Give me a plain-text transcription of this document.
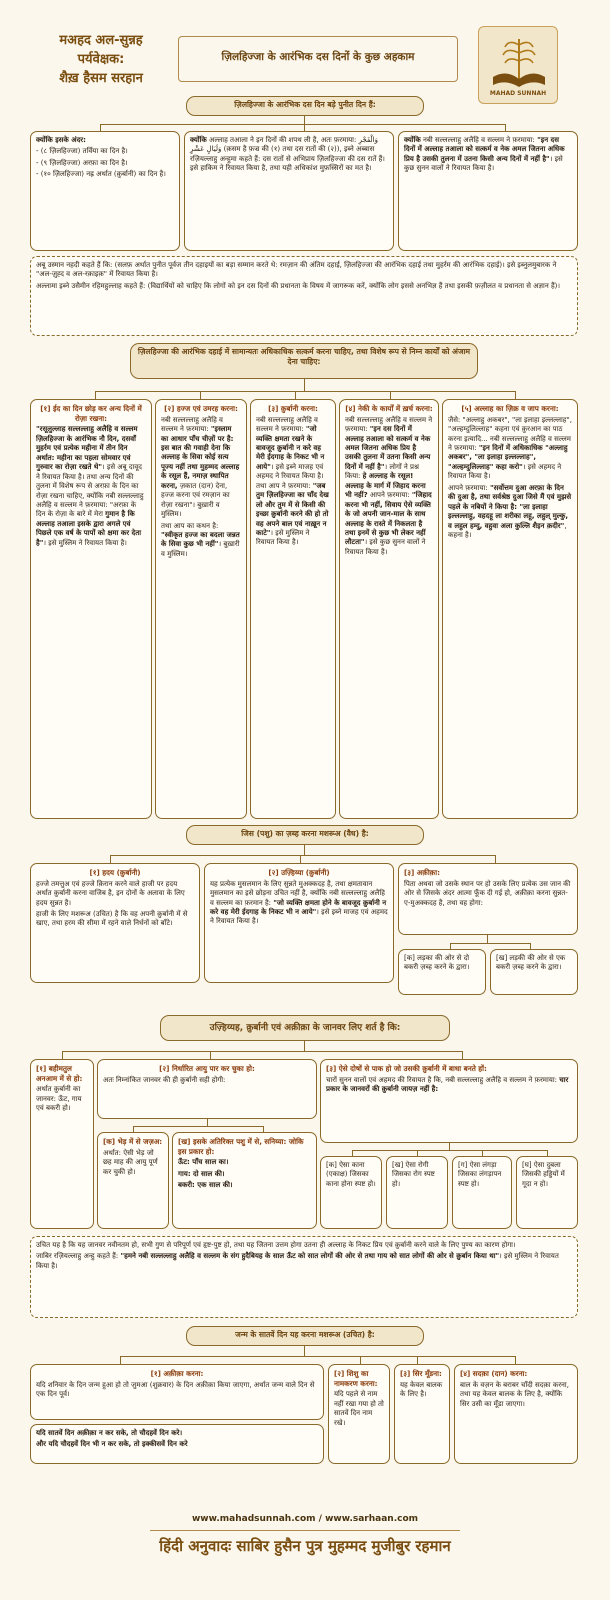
मअहद अल-सुन्नह
पर्यवेक्षक:
शैख़ हैसम सरहान
ज़िलहिज्जा के आरंभिक दस दिनों के कुछ अहकाम
MAHAD SUNNAH
ज़िलहिज्जा के आरंभिक दस दिन बड़े पुनीत दिन हैं:

क्योंकि इसके अंदर:

- (८ ज़िलहिज्जा) तर्विया का दिन है।

- (९ ज़िलहिज्जा) अरफ़ा का दिन है।

- (१० ज़िलहिज्जा) नह्र अर्थात (क़ुर्बानी) का दिन है।

क्योंकि अल्लाह तआला ने इन दिनों की शपथ ली है, अतः फ़रमाया: وَالْفَجْرِ وَلَيَالٍ عَشْرٍ (क़सम है फ़ज्र की (१) तथा दस रातों की (२)), इब्ने अब्बास रज़ियल्लाहु अन्हुमा कहते हैं: दस रातों से अभिप्राय ज़िलहिज्जा की दस रातें हैं। इसे हाकिम ने रिवायत किया है, तथा यही अधिकांश मुफ़स्सिरों का मत है।

क्योंकि नबी सल्लल्लाहु अलैहि व सल्लम ने फ़रमाया: "इन दस दिनों में अल्लाह तआला को सत्कर्म व नेक अमल जितना अधिक प्रिय है उसकी तुलना में उतना किसी अन्य दिनों में नहीं है"। इसे कुछ सुनन वालों ने रिवायत किया है।

अबू उस्मान नहदी कहते हैं कि: (सलफ़ अर्थात पुनीत पूर्वज तीन दहाइयों का बड़ा सम्मान करते थे: रमज़ान की अंतिम दहाई, ज़िलहिज्जा की आरंभिक दहाई तथा मुहर्रम की आरंभिक दहाई)। इसे इब्नुलमुबारक ने "अल-ज़ुह्द व अल-रक़ाइक़" में रिवायत किया है।

अल्लामा इब्ने उसैमीन रहिमहुल्लाह कहते हैं: (विद्यार्थियों को चाहिए कि लोगों को इन दस दिनों की प्रधानता के विषय में जागरूक करें, क्योंकि लोग इससे अनभिज्ञ हैं तथा इसकी फ़ज़ीलत व प्रधानता से अज्ञान हैं)।

ज़िलहिज्जा की आरंभिक दहाई में सामान्यतः अधिकाधिक सत्कर्म करना चाहिए, तथा विशेष रूप से निम्न कार्यों को अंजाम देना चाहिए:

[१] ईद का दिन छोड़ कर अन्य दिनों में रोज़ा रखना:

"रसूलुल्लाह सल्लल्लाहु अलैहि व सल्लम ज़िलहिज्जा के आरंभिक नौ दिन, दसवाँ मुहर्रम एवं प्रत्येक महीना में तीन दिन अर्थात: महीना का पहला सोमवार एवं गुरुवार का रोज़ा रखते थे"। इसे अबू दावूद ने रिवायत किया है। तथा अन्य दिनों की तुलना में विशेष रूप से अरफ़ा के दिन का रोज़ा रखना चाहिए, क्योंकि नबी सल्लल्लाहु अलैहि व सल्लम ने फ़रमाया: "अरफ़ा के दिन के रोज़ा के बारे में मेरा गुमान है कि अल्लाह तआला इसके द्वारा अगले एवं पिछले एक वर्ष के पापों को क्षमा कर देता है"। इसे मुस्लिम ने रिवायत किया है।

[२] हज्ज एवं उमरह करना:

नबी सल्लल्लाहु अलैहि व सल्लम ने फ़रमाया: "इस्लाम का आधार पाँच चीज़ों पर है: इस बात की गवाही देना कि अल्लाह के सिवा कोई सत्य पूज्य नहीं तथा मुहम्मद अल्लाह के रसूल हैं, नमाज़ स्थापित करना, ज़कात (दान) देना, हज्ज करना एवं रमज़ान का रोज़ा रखना"। बुख़ारी व मुस्लिम।

तथा आप का कथन है: "स्वीकृत हज्ज का बदला जन्नत के सिवा कुछ भी नहीं"। बुख़ारी व मुस्लिम।

[३] क़ुर्बानी करना:

नबी सल्लल्लाहु अलैहि व सल्लम ने फ़रमाया: "जो व्यक्ति क्षमता रखने के बावजूद क़ुर्बानी न करे वह मेरी ईदगाह के निकट भी न आये"। इसे इब्ने माजह एवं अहमद ने रिवायत किया है। तथा आप ने फ़रमाया: "जब तुम ज़िलहिज्जा का चाँद देख लो और तुम में से किसी की इच्छा क़ुर्बानी करने की हो तो वह अपने बाल एवं नाख़ून न काटे"। इसे मुस्लिम ने रिवायत किया है।

[४] नेकी के कार्यों में ख़र्च करना:

नबी सल्लल्लाहु अलैहि व सल्लम ने फ़रमाया: "इन दस दिनों में अल्लाह तआला को सत्कर्म व नेक अमल जितना अधिक प्रिय है उसकी तुलना में उतना किसी अन्य दिनों में नहीं है"। लोगों ने प्रश्न किया: हे अल्लाह के रसूल! अल्लाह के मार्ग में जिहाद करना भी नहीं? आपने फ़रमाया: "जिहाद करना भी नहीं, सिवाय ऐसे व्यक्ति के जो अपनी जान-माल के साथ अल्लाह के रास्ते में निकलता है तथा इनमें से कुछ भी लेकर नहीं लौटता"। इसे कुछ सुनन वालों ने रिवायत किया है।

[५] अल्लाह का ज़िक्र व जाप करना:

जैसे: "अल्लाहु अकबर", "ला इलाहा इल्लल्लाह", "अल्हम्दुलिल्लाह" कहना एवं क़ुरआन का पाठ करना इत्यादि... नबी सल्लल्लाहु अलैहि व सल्लम ने फ़रमाया: "इन दिनों में अधिकाधिक "अल्लाहु अकबर", "ला इलाहा इल्लल्लाह", "अल्हम्दुलिल्लाह" कहा करो"। इसे अहमद ने रिवायत किया है।

आपने फ़रमाया: "सर्वोत्तम दुआ अरफ़ा के दिन की दुआ है, तथा सर्वश्रेष्ठ दुआ जिसे मैं एवं मुझसे पहले के नबियों ने किया है: "ला इलाहा इल्लल्लाहु, वहदहू ला शरीका लहू, लहुल् मुल्कु, व लहुल हम्दु, वहुवा अला कुल्लि शैइन क़दीर", कहना है।

जिस (पशु) का ज़ब्ह करना मशरूअ (वैध) है:

[१] हदय (क़ुर्बानी)

हज्जे तमत्तुअ एवं हज्जे क़िरान करने वाले हाजी पर हदय अर्थात क़ुर्बानी करना वाजिब है, इन दोनों के अलावा के लिए हदय सुन्नत है।

हाजी के लिए मशरूअ (उचित) है कि वह अपनी क़ुर्बानी में से खाए, तथा हरम की सीमा में रहने वाले निर्धनों को बाँटे।

[२] उज़्हिय्या (क़ुर्बानी)

यह प्रत्येक मुसलमान के लिए सुन्नते मुअक्कदह है, तथा क्षमतावान मुसलमान का इसे छोड़ना उचित नहीं है, क्योंकि नबी सल्लल्लाहु अलैहि व सल्लम का फ़रमान है: "जो व्यक्ति क्षमता होने के बावजूद क़ुर्बानी न करे वह मेरी ईदगाह के निकट भी न आये"। इसे इब्ने माजह एवं अहमद ने रिवायत किया है।

[३] अक़ीक़ा:

पिता अथवा जो उसके स्थान पर हो उसके लिए प्रत्येक उस जान की ओर से जिसके अंदर आत्मा फूँक दी गई हो, अक़ीक़ा करना सुन्नत-ए-मुअक्कदह है, तथा वह होगा:

[क] लड़का की ओर से दो बकरी ज़ब्ह करने के द्वारा।

[ख] लड़की की ओर से एक बकरी ज़ब्ह करने के द्वारा।

उज़्हिय्यह, क़ुर्बानी एवं अक़ीक़ा के जानवर लिए शर्त है कि:

[१] बहीमतुल अनआम में से हो:

अर्थात क़ुर्बानी का जानवर: ऊँट, गाय एवं बकरी हो।

[२] निर्धारित आयु पार कर चुका हो:

अतः निम्नांकित जानवर की ही क़ुर्बानी सही होगी:

[क] भेड़ में से जज़अ:

अर्थात: ऐसी भेड़ जो छह माह की आयु पूर्ण कर चुकी हो।

[ख] इसके अतिरिक्त पशु में से, सनिय्या: जोकि इस प्रकार हो:

ऊँट: पाँच साल का।

गाय: दो साल की।

बकरी: एक साल की।

[३] ऐसे दोषों से पाक हो जो उसकी क़ुर्बानी में बाधा बनते हों:

चारों सुनन वालों एवं अहमद की रिवायत है कि, नबी सल्लल्लाहु अलैहि व सल्लम ने फ़रमाया: चार प्रकार के जानवरों की क़ुर्बानी जायज़ नहीं है:

[क] ऐसा काना (एकाक्ष) जिसका काना होना स्पष्ट हो।

[ख] ऐसा रोगी जिसका रोग स्पष्ट हो।

[ग] ऐसा लंगड़ा जिसका लंगड़ापन स्पष्ट हो।

[घ] ऐसा दुबला जिसकी हड्डियों में गूदा न हो।

उचित यह है कि यह जानवर नवीनतम हो, सभी गुण से परिपूर्ण एवं हृष्ट-पुष्ट हो, तथा यह जितना उत्तम होगा उतना ही अल्लाह के निकट प्रिय एवं क़ुर्बानी करने वाले के लिए पुण्य का कारण होगा।

जाबिर रज़ियल्लाहु अन्हु कहते हैं: "हमने नबी सल्लल्लाहु अलैहि व सल्लम के संग हुदैबियह के साल ऊँट को सात लोगों की ओर से तथा गाय को सात लोगों की ओर से क़ुर्बान किया था"। इसे मुस्लिम ने रिवायत किया है।

जन्म के सातवें दिन यह करना मशरूअ (उचित) है:

[१] अक़ीक़ा करना:

यदि शनिवार के दिन जन्म हुआ हो तो जुमआ (शुक्रवार) के दिन अक़ीक़ा किया जाएगा, अर्थात जन्म वाले दिन से एक दिन पूर्व।

यदि सातवें दिन अक़ीक़ा न कर सके, तो चौदहवें दिन करे।

और यदि चौदहवें दिन भी न कर सके, तो इक्कीसवें दिन करे

[२] शिशु का नामकरण करना:

यदि पहले से नाम नहीं रखा गया हो तो सातवें दिन नाम रखे।

[३] सिर मूँडना:

यह केवल बालक के लिए है।

[४] सदक़ा (दान) करना:

बाल के वज़न के बराबर चाँदी सदक़ा करना, तथा यह केवल बालक के लिए है, क्योंकि सिर उसी का मूँडा जाएगा।

www.mahadsunnah.com / www.sarhaan.com
हिंदी अनुवादः साबिर हुसैन पुत्र मुहम्मद मुजीबुर रहमान
